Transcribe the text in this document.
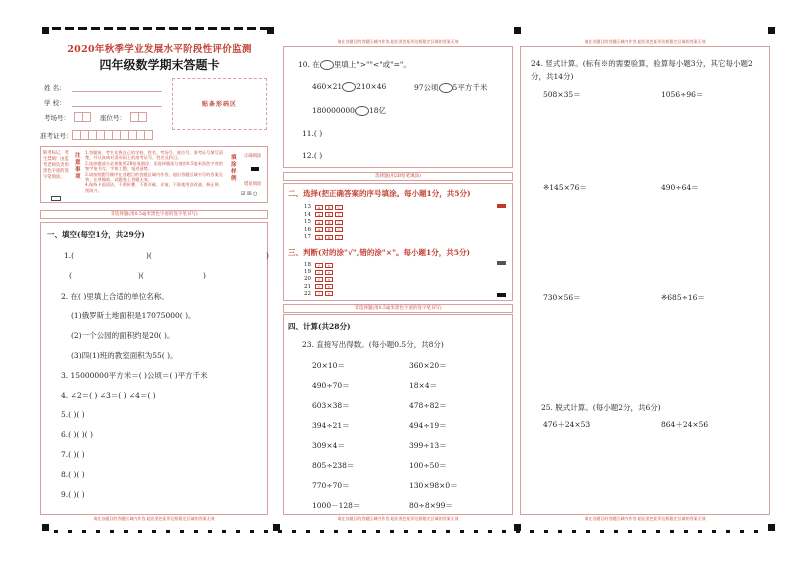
2020年秋季学业发展水平阶段性评价监测
四年级数学期末答题卡
姓 名：
学 校：
考场号：	座位号：
准考证号：
贴条形码区
缺考标记，考生禁填！由监考老师负责用黑色字迹的签字笔填涂。
注意事项
1.答题前，考生先将自己的学校、姓名、考场号、座位号、准考证号填写清楚，并认真核对条形码上的准考证号、姓名及科目。
2.选择题部分必须使用2B铅笔填涂；非选择题部分使用0.5毫米黑色字迹的签字笔书写，字体工整、笔迹清楚。
3.请按照题号顺序在各题目的答题区域内作答，超出答题区域书写的答案无效；在草稿纸、试题卷上答题无效。
4.保持卡面清洁，不要折叠、不要弄破、弄皱，不准使用涂改液、修正带、刮纸刀。
填涂样例
正确填涂
错误填涂
☑ ☒ ○
非选择题(用0.5毫米黑色字迹的签字笔书写)
一、填空(每空1分，共29分)
1.(	)(	)
(	)(	)
2. 在( )里填上合适的单位名称。
(1)俄罗斯土地面积是17075000( )。
(2)一个公园的面积约是20( )。
(3)四(1)班的教室面积为55( )。
3. 15000000平方米＝( )公顷＝( )平方千米
4. ∠2＝( ) ∠3＝( ) ∠4＝( )
5.( )( )
6.( )( )( )
7.( )( )
8.( )( )
9.( )( )
请在各题目的答题区域内作答,超出黑色矩形边框限定区域的答案无效
请在各题目的答题区域内作答,超出黑色矩形边框限定区域的答案无效
10. 在 里填上">""<"或"="。
460×21 210×46	97公顷 5平方千米
180000000 18亿
11.( )
12.( )
选择题(用2B铅笔填涂)
二、选择(把正确答案的序号填涂。每小题1分，共5分)
13	A	B	C
14	A	B	C
15	A	B	C
16	A	B	C
17	A	B	C
三、判断(对的涂"√",错的涂"×"。每小题1分，共5分)
18	√	×
19	√	×
20	√	×
21	√	×
22	√	×
非选择题(用0.5毫米黑色字迹的签字笔书写)
四、计算(共28分)
23. 直接写出得数。(每小题0.5分，共8分)
20×10＝	360×20＝
490÷70＝	18×4＝
603×38＝	478÷82＝
394÷21＝	494÷19＝
309×4＝	399÷13＝
805÷238＝	100÷50＝
770÷70＝	130×98×0＝
1000－128＝	80÷8×99＝
请在各题目的答题区域内作答,超出黑色矩形边框限定区域的答案无效
请在各题目的答题区域内作答,超出黑色矩形边框限定区域的答案无效
24. 竖式计算。(标有※的需要验算，验算每小题3分，其它每小题2分，共14分)
508×35＝	1056÷96＝
※145×76＝	490÷64＝
730×56＝	※685÷16＝
25. 脱式计算。(每小题2分，共6分)
476＋24×53	864＋24×56
请在各题目的答题区域内作答,超出黑色矩形边框限定区域的答案无效
